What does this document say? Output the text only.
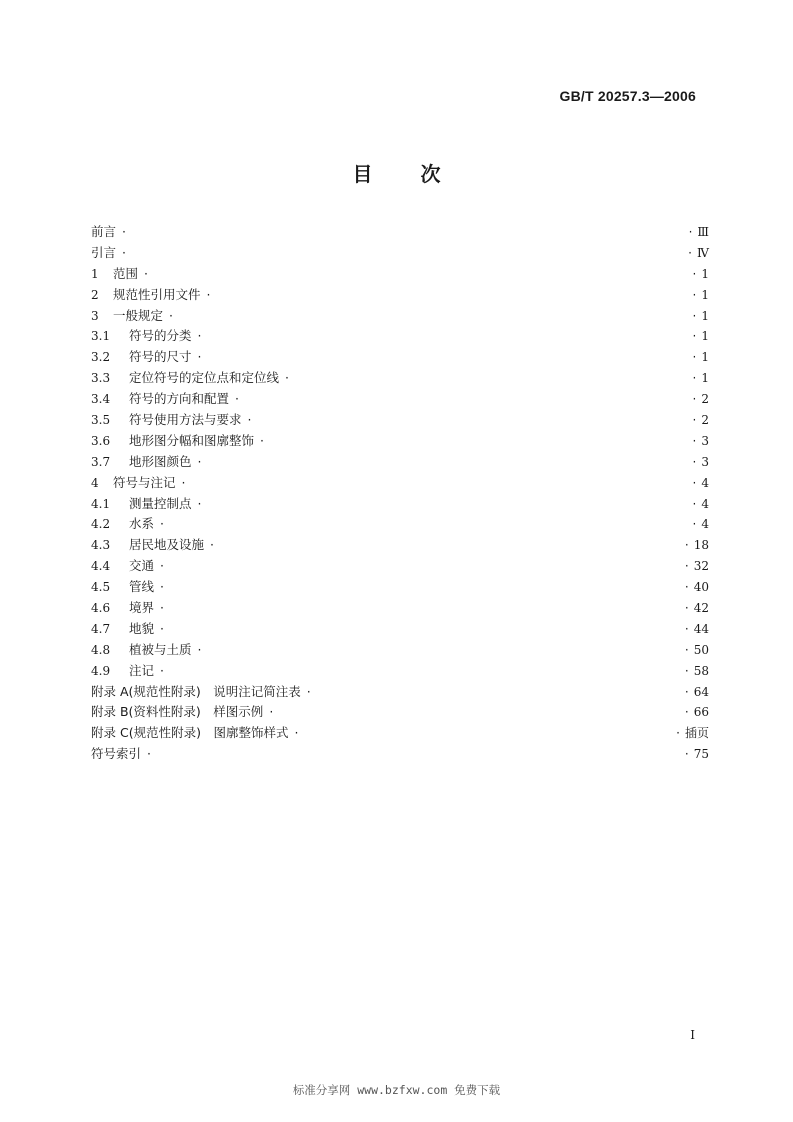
GB/T 20257.3—2006
目 次
前言 ·	· Ⅲ
引言 ·	· Ⅳ
1	范围 ·	· 1
2	规范性引用文件 ·	· 1
3	一般规定 ·	· 1
3.1	符号的分类 ·	· 1
3.2	符号的尺寸 ·	· 1
3.3	定位符号的定位点和定位线 ·	· 1
3.4	符号的方向和配置 ·	· 2
3.5	符号使用方法与要求 ·	· 2
3.6	地形图分幅和图廓整饰 ·	· 3
3.7	地形图颜色 ·	· 3
4	符号与注记 ·	· 4
4.1	测量控制点 ·	· 4
4.2	水系 ·	· 4
4.3	居民地及设施 ·	· 18
4.4	交通 ·	· 32
4.5	管线 ·	· 40
4.6	境界 ·	· 42
4.7	地貌 ·	· 44
4.8	植被与土质 ·	· 50
4.9	注记 ·	· 58
附录 A(规范性附录)　说明注记简注表 ·	· 64
附录 B(资料性附录)　样图示例 ·	· 66
附录 C(规范性附录)　图廓整饰样式 ·	· 插页
符号索引 ·	· 75
I
标准分享网 www.bzfxw.com 免费下载
